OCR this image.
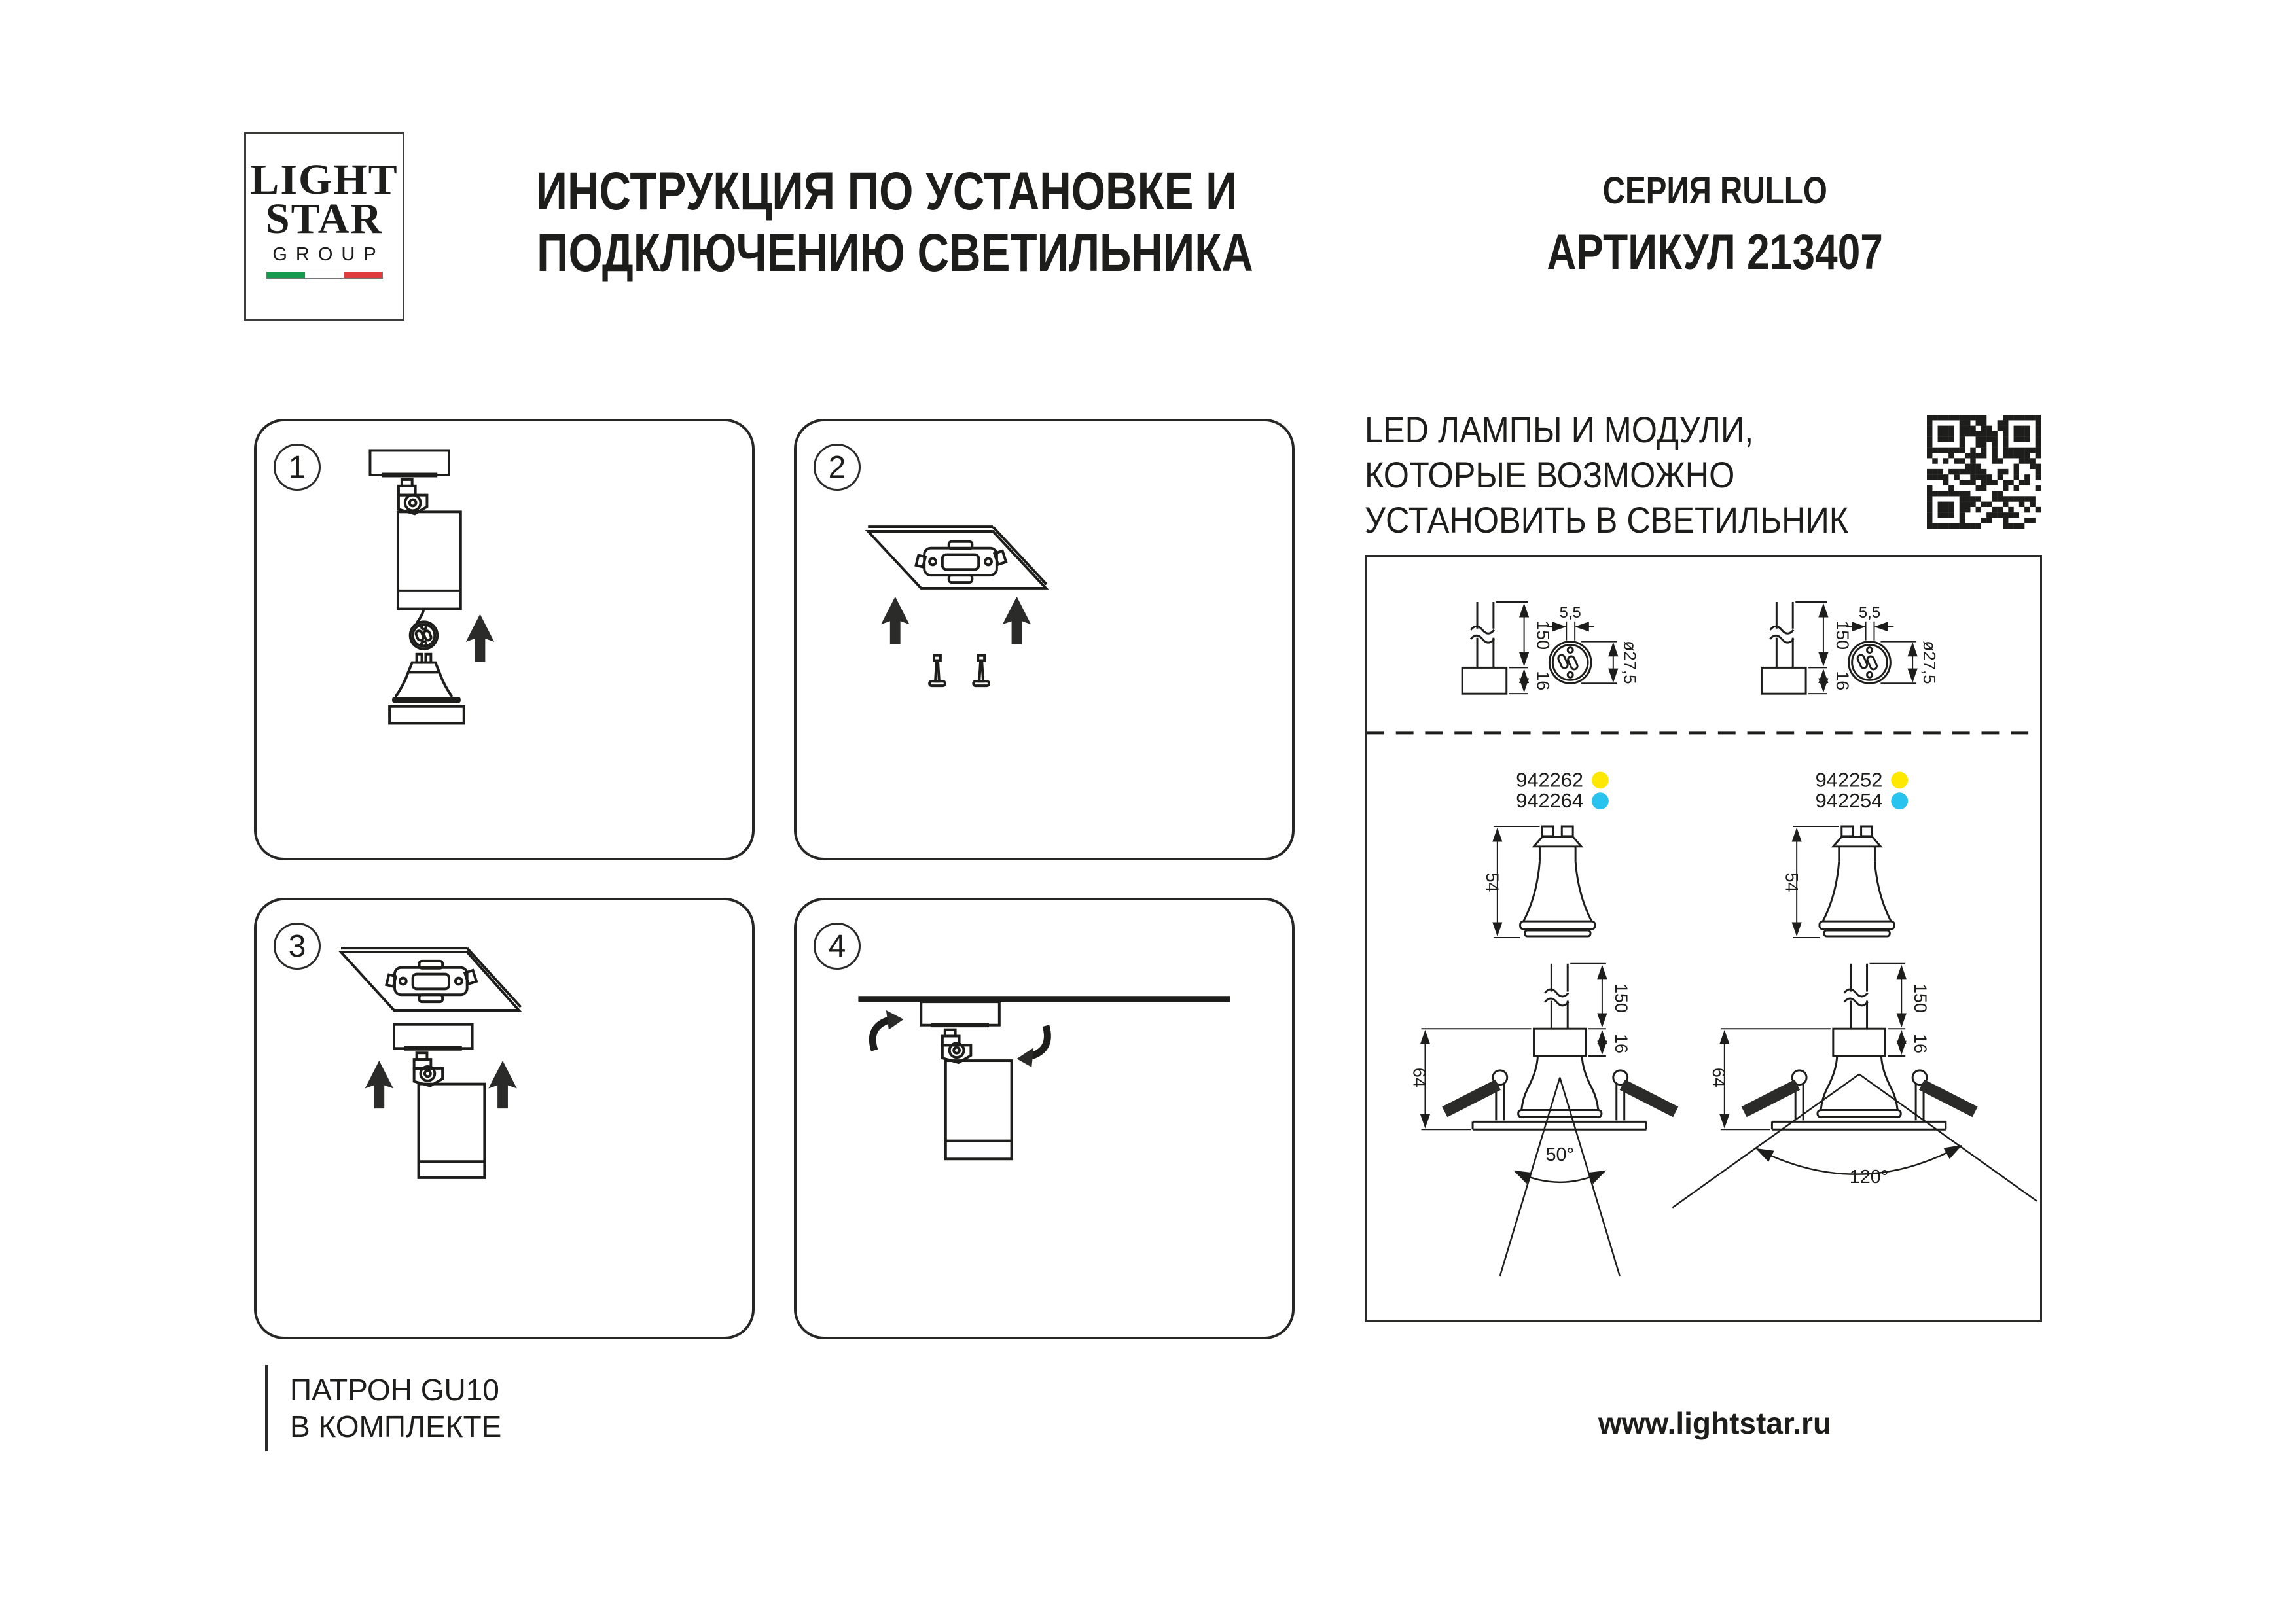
LIGHT
STAR
GROUP
ИНСТРУКЦИЯ ПО УСТАНОВКЕ И
ПОДКЛЮЧЕНИЮ СВЕТИЛЬНИКА
СЕРИЯ RULLO
АРТИКУЛ 213407
1	2
3	4
LED ЛАМПЫ И МОДУЛИ,
КОТОРЫЕ ВОЗМОЖНО
УСТАНОВИТЬ В СВЕТИЛЬНИК
942262
942264
942252
942254
50°
120°
ПАТРОН GU10
В КОМПЛЕКТЕ	www.lightstar.ru
